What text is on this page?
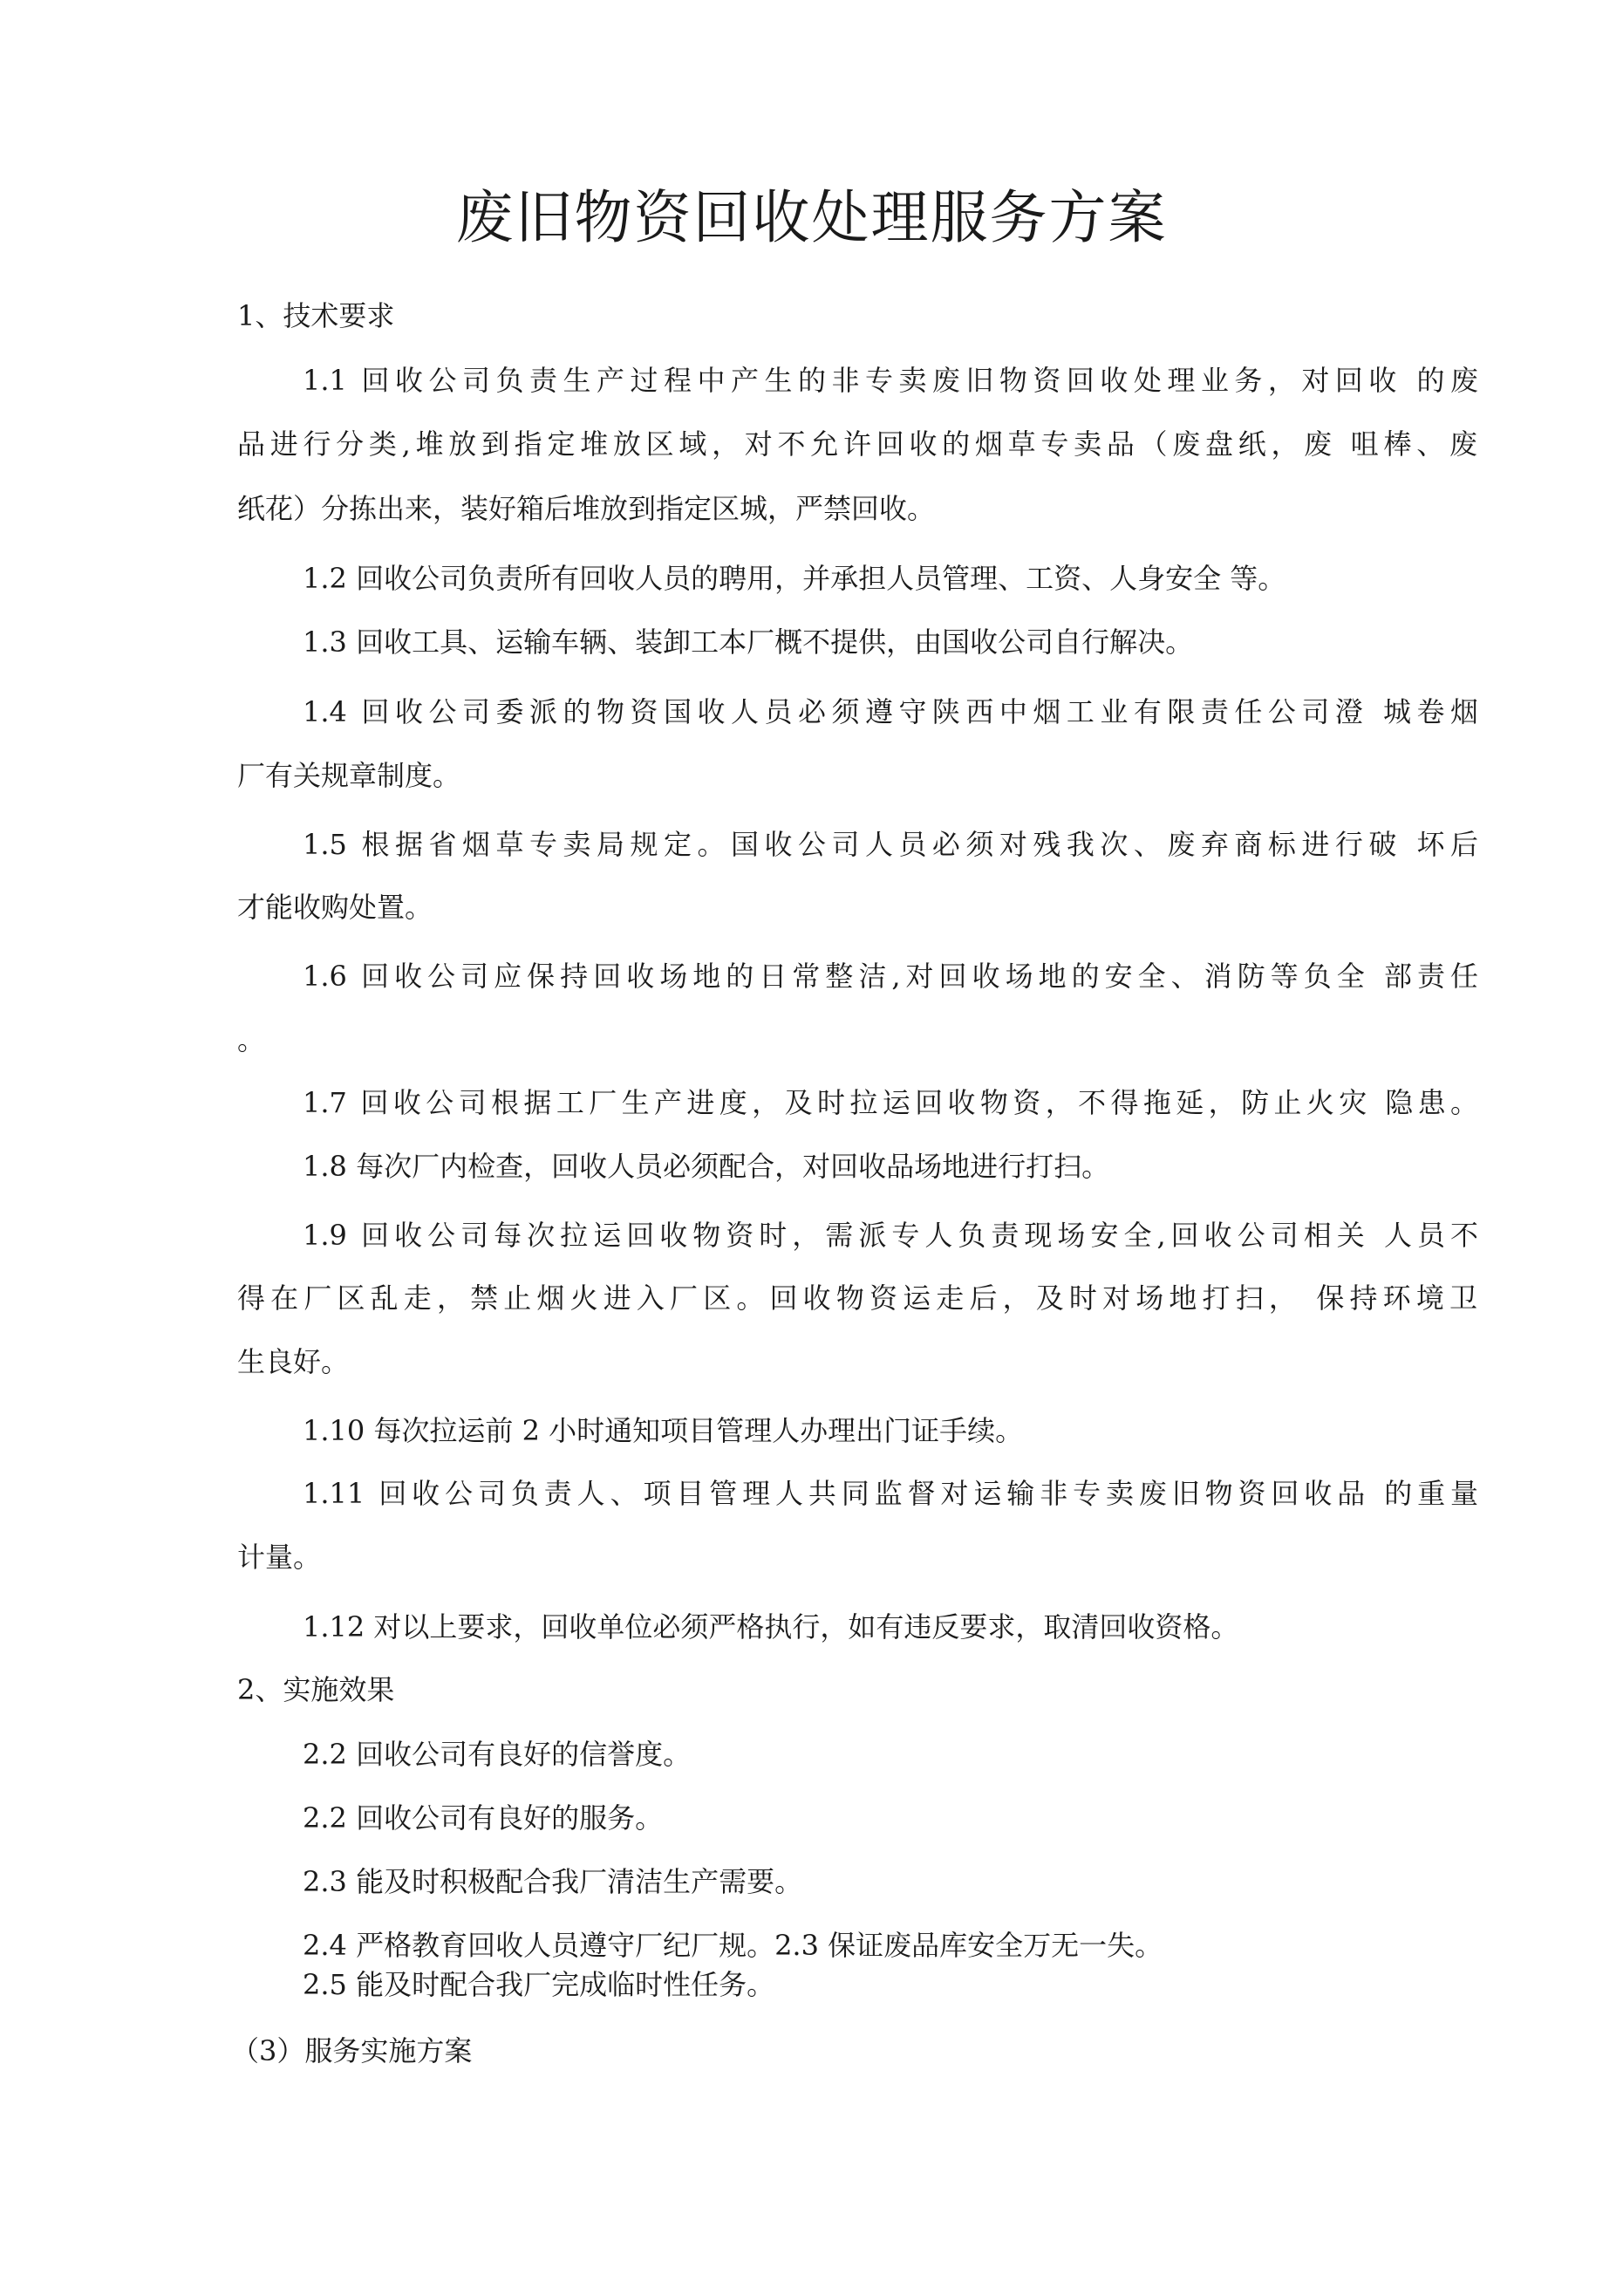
废旧物资回收处理服务方案

1、技术要求

1.1 回收公司负责生产过程中产生的非专卖废旧物资回收处理业务，对回收 的废

品进行分类,堆放到指定堆放区域，对不允许回收的烟草专卖品（废盘纸，废 咀棒、废

纸花）分拣出来，装好箱后堆放到指定区城，严禁回收。

1.2 回收公司负责所有回收人员的聘用，并承担人员管理、工资、人身安全 等。

1.3 回收工具、运输车辆、装卸工本厂概不提供，由国收公司自行解决。

1.4 回收公司委派的物资国收人员必须遵守陕西中烟工业有限责任公司澄 城卷烟

厂有关规章制度。

1.5 根据省烟草专卖局规定。国收公司人员必须对残我次、废弃商标进行破 坏后

才能收购处置。

1.6 回收公司应保持回收场地的日常整洁,对回收场地的安全、消防等负全 部责任

。

1.7 回收公司根据工厂生产进度，及时拉运回收物资，不得拖延，防止火灾 隐患。

1.8 每次厂内检查，回收人员必须配合，对回收品场地进行打扫。

1.9 回收公司每次拉运回收物资时，需派专人负责现场安全,回收公司相关 人员不

得在厂区乱走，禁止烟火进入厂区。回收物资运走后，及时对场地打扫， 保持环境卫

生良好。

1.10 每次拉运前 2 小时通知项目管理人办理出门证手续。

1.11 回收公司负责人、项目管理人共同监督对运输非专卖废旧物资回收品 的重量

计量。

1.12 对以上要求，回收单位必须严格执行，如有违反要求，取清回收资格。

2、实施效果

2.2 回收公司有良好的信誉度。

2.2 回收公司有良好的服务。

2.3 能及时积极配合我厂清洁生产需要。

2.4 严格教育回收人员遵守厂纪厂规。2.3 保证废品库安全万无一失。

2.5 能及时配合我厂完成临时性任务。

（3）服务实施方案
